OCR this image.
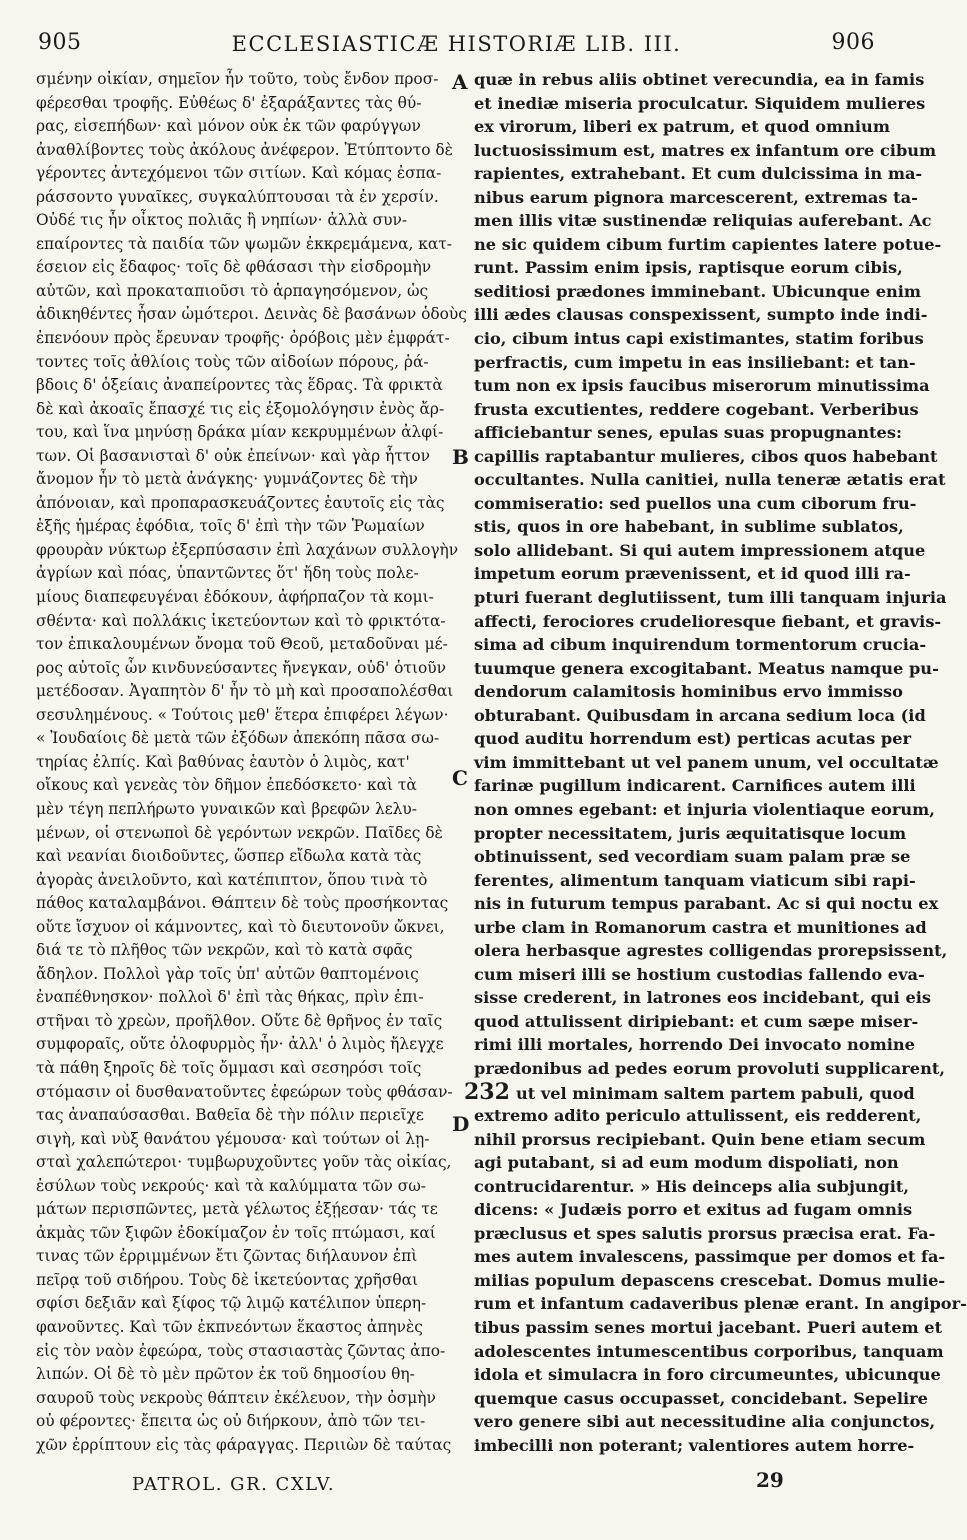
905	ECCLESIASTICÆ HISTORIÆ LIB. III.	906
σμένην οἰκίαν, σημεῖον ἦν τοῦτο, τοὺς ἔνδον προσ-
φέρεσθαι τροφῆς. Εὐθέως δ' ἐξαράξαντες τὰς θύ-
ρας, εἰσεπήδων· καὶ μόνον οὐκ ἐκ τῶν φαρύγγων
ἀναθλίβοντες τοὺς ἀκόλους ἀνέφερον. Ἐτύπτοντο δὲ
γέροντες ἀντεχόμενοι τῶν σιτίων. Καὶ κόμας ἐσπα-
ράσσοντο γυναῖκες, συγκαλύπτουσαι τὰ ἐν χερσίν.
Οὐδέ τις ἦν οἶκτος πολιᾶς ἢ νηπίων· ἀλλὰ συν-
επαίροντες τὰ παιδία τῶν ψωμῶν ἐκκρεμάμενα, κατ-
έσειον εἰς ἔδαφος· τοῖς δὲ φθάσασι τὴν εἰσδρομὴν
αὐτῶν, καὶ προκαταπιοῦσι τὸ ἁρπαγησόμενον, ὡς
ἀδικηθέντες ἦσαν ὠμότεροι. Δεινὰς δὲ βασάνων ὁδοὺς
ἐπενόουν πρὸς ἔρευναν τροφῆς· ὀρόβοις μὲν ἐμφράτ-
τοντες τοῖς ἀθλίοις τοὺς τῶν αἰδοίων πόρους, ῥά-
βδοις δ' ὀξείαις ἀναπείροντες τὰς ἕδρας. Τὰ φρικτὰ
δὲ καὶ ἀκοαῖς ἔπασχέ τις εἰς ἐξομολόγησιν ἑνὸς ἄρ-
του, καὶ ἵνα μηνύσῃ δράκα μίαν κεκρυμμένων ἀλφί-
των. Οἱ βασανισταὶ δ' οὐκ ἐπείνων· καὶ γὰρ ἧττον
ἄνομον ἦν τὸ μετὰ ἀνάγκης· γυμνάζοντες δὲ τὴν
ἀπόνοιαν, καὶ προπαρασκευάζοντες ἑαυτοῖς εἰς τὰς
ἑξῆς ἡμέρας ἐφόδια, τοῖς δ' ἐπὶ τὴν τῶν Ῥωμαίων
φρουρὰν νύκτωρ ἐξερπύσασιν ἐπὶ λαχάνων συλλογὴν
ἀγρίων καὶ πόας, ὑπαντῶντες ὅτ' ἤδη τοὺς πολε-
μίους διαπεφευγέναι ἐδόκουν, ἀφήρπαζον τὰ κομι-
σθέντα· καὶ πολλάκις ἱκετεύοντων καὶ τὸ φρικτότα-
τον ἐπικαλουμένων ὄνομα τοῦ Θεοῦ, μεταδοῦναι μέ-
ρος αὐτοῖς ὧν κινδυνεύσαντες ἤνεγκαν, οὐδ' ὁτιοῦν
μετέδοσαν. Ἀγαπητὸν δ' ἦν τὸ μὴ καὶ προσαπολέσθαι
σεσυλημένους. « Τούτοις μεθ' ἕτερα ἐπιφέρει λέγων·
« Ἰουδαίοις δὲ μετὰ τῶν ἐξόδων ἀπεκόπη πᾶσα σω-
τηρίας ἐλπίς. Καὶ βαθύνας ἑαυτὸν ὁ λιμὸς, κατ'
οἴκους καὶ γενεὰς τὸν δῆμον ἐπεδόσκετο· καὶ τὰ
μὲν τέγη πεπλήρωτο γυναικῶν καὶ βρεφῶν λελυ-
μένων, οἱ στενωποὶ δὲ γερόντων νεκρῶν. Παῖδες δὲ
καὶ νεανίαι διοιδοῦντες, ὥσπερ εἴδωλα κατὰ τὰς
ἀγορὰς ἀνειλοῦντο, καὶ κατέπιπτον, ὅπου τινὰ τὸ
πάθος καταλαμβάνοι. Θάπτειν δὲ τοὺς προσήκοντας
οὔτε ἴσχυον οἱ κάμνοντες, καὶ τὸ διευτονοῦν ὤκνει,
διά τε τὸ πλῆθος τῶν νεκρῶν, καὶ τὸ κατὰ σφᾶς
ἄδηλον. Πολλοὶ γὰρ τοῖς ὑπ' αὐτῶν θαπτομένοις
ἐναπέθνησκον· πολλοὶ δ' ἐπὶ τὰς θήκας, πρὶν ἐπι-
στῆναι τὸ χρεὼν, προῆλθον. Οὔτε δὲ θρῆνος ἐν ταῖς
συμφοραῖς, οὔτε ὀλοφυρμὸς ἦν· ἀλλ' ὁ λιμὸς ἤλεγχε
τὰ πάθη ξηροῖς δὲ τοῖς ὄμμασι καὶ σεσηρόσι τοῖς
στόμασιν οἱ δυσθανατοῦντες ἐφεώρων τοὺς φθάσαν-
τας ἀναπαύσασθαι. Βαθεῖα δὲ τὴν πόλιν περιεῖχε
σιγὴ, καὶ νὺξ θανάτου γέμουσα· καὶ τούτων οἱ λῃ-
σταὶ χαλεπώτεροι· τυμβωρυχοῦντες γοῦν τὰς οἰκίας,
ἐσύλων τοὺς νεκρούς· καὶ τὰ καλύμματα τῶν σω-
μάτων περισπῶντες, μετὰ γέλωτος ἐξῄεσαν· τάς τε
ἀκμὰς τῶν ξιφῶν ἐδοκίμαζον ἐν τοῖς πτώμασι, καί
τινας τῶν ἐρριμμένων ἔτι ζῶντας διήλαυνον ἐπὶ
πεῖρᾳ τοῦ σιδήρου. Τοὺς δὲ ἱκετεύοντας χρῆσθαι
σφίσι δεξιᾶν καὶ ξίφος τῷ λιμῷ κατέλιπον ὑπερη-
φανοῦντες. Καὶ τῶν ἐκπνεόντων ἕκαστος ἀπηνὲς
εἰς τὸν ναὸν ἐφεώρα, τοὺς στασιαστὰς ζῶντας ἀπο-
λιπών. Οἱ δὲ τὸ μὲν πρῶτον ἐκ τοῦ δημοσίου θη-
σαυροῦ τοὺς νεκροὺς θάπτειν ἐκέλευον, τὴν ὀσμὴν
οὐ φέροντες· ἔπειτα ὡς οὐ διήρκουν, ἀπὸ τῶν τει-
χῶν ἐρρίπτουν εἰς τὰς φάραγγας. Περιιὼν δὲ ταύτας
quæ in rebus aliis obtinet verecundia, ea in famis
et inediæ miseria proculcatur. Siquidem mulieres
ex virorum, liberi ex patrum, et quod omnium
luctuosissimum est, matres ex infantum ore cibum
rapientes, extrahebant. Et cum dulcissima in ma-
nibus earum pignora marcescerent, extremas ta-
men illis vitæ sustinendæ reliquias auferebant. Ac
ne sic quidem cibum furtim capientes latere potue-
runt. Passim enim ipsis, raptisque eorum cibis,
seditiosi prædones imminebant. Ubicunque enim
illi ædes clausas conspexissent, sumpto inde indi-
cio, cibum intus capi existimantes, statim foribus
perfractis, cum impetu in eas insiliebant: et tan-
tum non ex ipsis faucibus miserorum minutissima
frusta excutientes, reddere cogebant. Verberibus
afficiebantur senes, epulas suas propugnantes:
capillis raptabantur mulieres, cibos quos habebant
occultantes. Nulla canitiei, nulla teneræ ætatis erat
commiseratio: sed puellos una cum ciborum fru-
stis, quos in ore habebant, in sublime sublatos,
solo allidebant. Si qui autem impressionem atque
impetum eorum prævenissent, et id quod illi ra-
pturi fuerant deglutiissent, tum illi tanquam injuria
affecti, ferociores crudelioresque fiebant, et gravis-
sima ad cibum inquirendum tormentorum crucia-
tuumque genera excogitabant. Meatus namque pu-
dendorum calamitosis hominibus ervo immisso
obturabant. Quibusdam in arcana sedium loca (id
quod auditu horrendum est) perticas acutas per
vim immittebant ut vel panem unum, vel occultatæ
farinæ pugillum indicarent. Carnifices autem illi
non omnes egebant: et injuria violentiaque eorum,
propter necessitatem, juris æquitatisque locum
obtinuissent, sed vecordiam suam palam præ se
ferentes, alimentum tanquam viaticum sibi rapi-
nis in futurum tempus parabant. Ac si qui noctu ex
urbe clam in Romanorum castra et munitiones ad
olera herbasque agrestes colligendas prorepsissent,
cum miseri illi se hostium custodias fallendo eva-
sisse crederent, in latrones eos incidebant, qui eis
quod attulissent diripiebant: et cum sæpe miser-
rimi illi mortales, horrendo Dei invocato nomine
prædonibus ad pedes eorum provoluti supplicarent,
232 ut vel minimam saltem partem pabuli, quod
extremo adito periculo attulissent, eis redderent,
nihil prorsus recipiebant. Quin bene etiam secum
agi putabant, si ad eum modum dispoliati, non
contrucidarentur. » His deinceps alia subjungit,
dicens: « Judæis porro et exitus ad fugam omnis
præclusus et spes salutis prorsus præcisa erat. Fa-
mes autem invalescens, passimque per domos et fa-
milias populum depascens crescebat. Domus mulie-
rum et infantum cadaveribus plenæ erant. In angipor-
tibus passim senes mortui jacebant. Pueri autem et
adolescentes intumescentibus corporibus, tanquam
idola et simulacra in foro circumeuntes, ubicunque
quemque casus occupasset, concidebant. Sepelire
vero genere sibi aut necessitudine alia conjunctos,
imbecilli non poterant; valentiores autem horre-
A
B
C
D
PATROL. GR. CXLV.	29
